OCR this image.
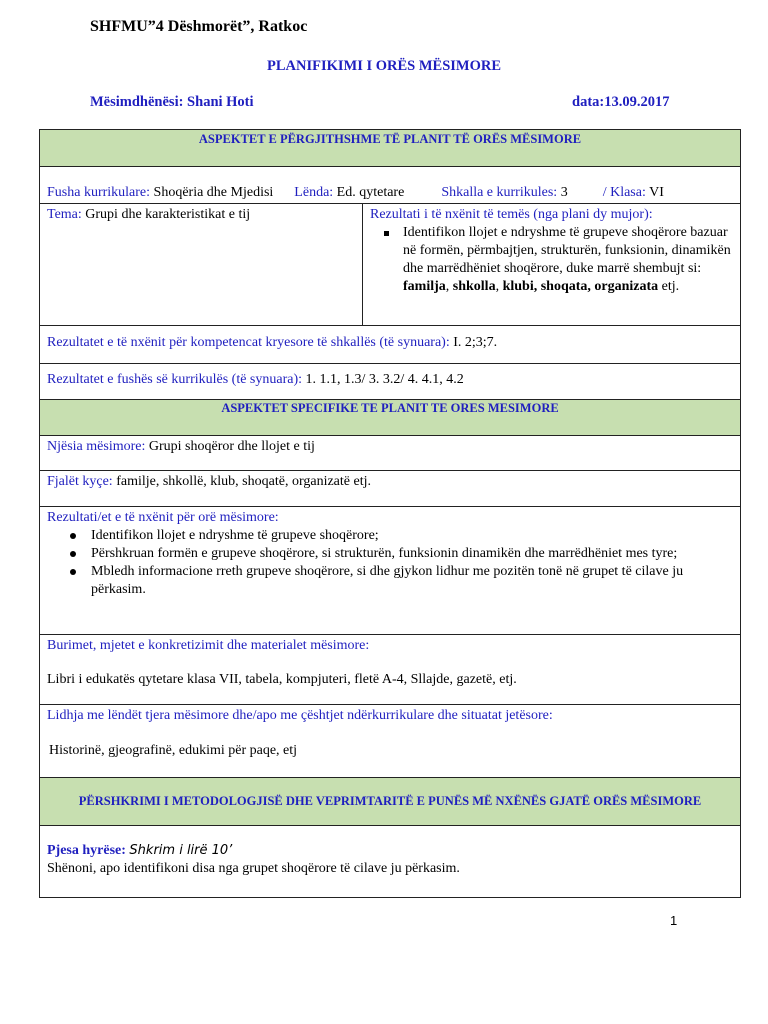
SHFMU”4 Dëshmorët”, Ratkoc
PLANIFIKIMI I ORËS MËSIMORE
Mësimdhënësi: Shani Hoti	data:13.09.2017
ASPEKTET E PËRGJITHSHME TË PLANIT TË ORËS MËSIMORE
Fusha kurrikulare: Shoqëria dhe Mjedisi Lënda: Ed. qytetare	Shkalla e kurrikules: 3	/ Klasa: VI
Tema: Grupi dhe karakteristikat e tij	Rezultati i të nxënit të temës (nga plani dy mujor):
Identifikon llojet e ndryshme të grupeve shoqërore bazuar në formën, përmbajtjen, strukturën, funksionin, dinamikën dhe marrëdhëniet shoqërore, duke marrë shembujt si: familja, shkolla, klubi, shoqata, organizata etj.
Rezultatet e të nxënit për kompetencat kryesore të shkallës (të synuara): I. 2;3;7.
Rezultatet e fushës së kurrikulës (të synuara): 1. 1.1, 1.3/ 3. 3.2/ 4. 4.1, 4.2
ASPEKTET SPECIFIKE TE PLANIT TE ORES MESIMORE
Njësia mësimore: Grupi shoqëror dhe llojet e tij
Fjalët kyçe: familje, shkollë, klub, shoqatë, organizatë etj.
Rezultati/et e të nxënit për orë mësimore:
Identifikon llojet e ndryshme të grupeve shoqërore;
Përshkruan formën e grupeve shoqërore, si strukturën, funksionin dinamikën dhe marrëdhëniet mes tyre;
Mbledh informacione rreth grupeve shoqërore, si dhe gjykon lidhur me pozitën tonë në grupet të cilave ju përkasim.
Burimet, mjetet e konkretizimit dhe materialet mësimore:
Libri i edukatës qytetare klasa VII, tabela, kompjuteri, fletë A-4, Sllajde, gazetë, etj.
Lidhja me lëndët tjera mësimore dhe/apo me çështjet ndërkurrikulare dhe situatat jetësore:
Historinë, gjeografinë, edukimi për paqe, etj
PËRSHKRIMI I METODOLOGJISË DHE VEPRIMTARITË E PUNËS MË NXËNËS GJATË ORËS MËSIMORE
Pjesa hyrëse: Shkrim i lirë 10’
Shënoni, apo identifikoni disa nga grupet shoqërore të cilave ju përkasim.
1
